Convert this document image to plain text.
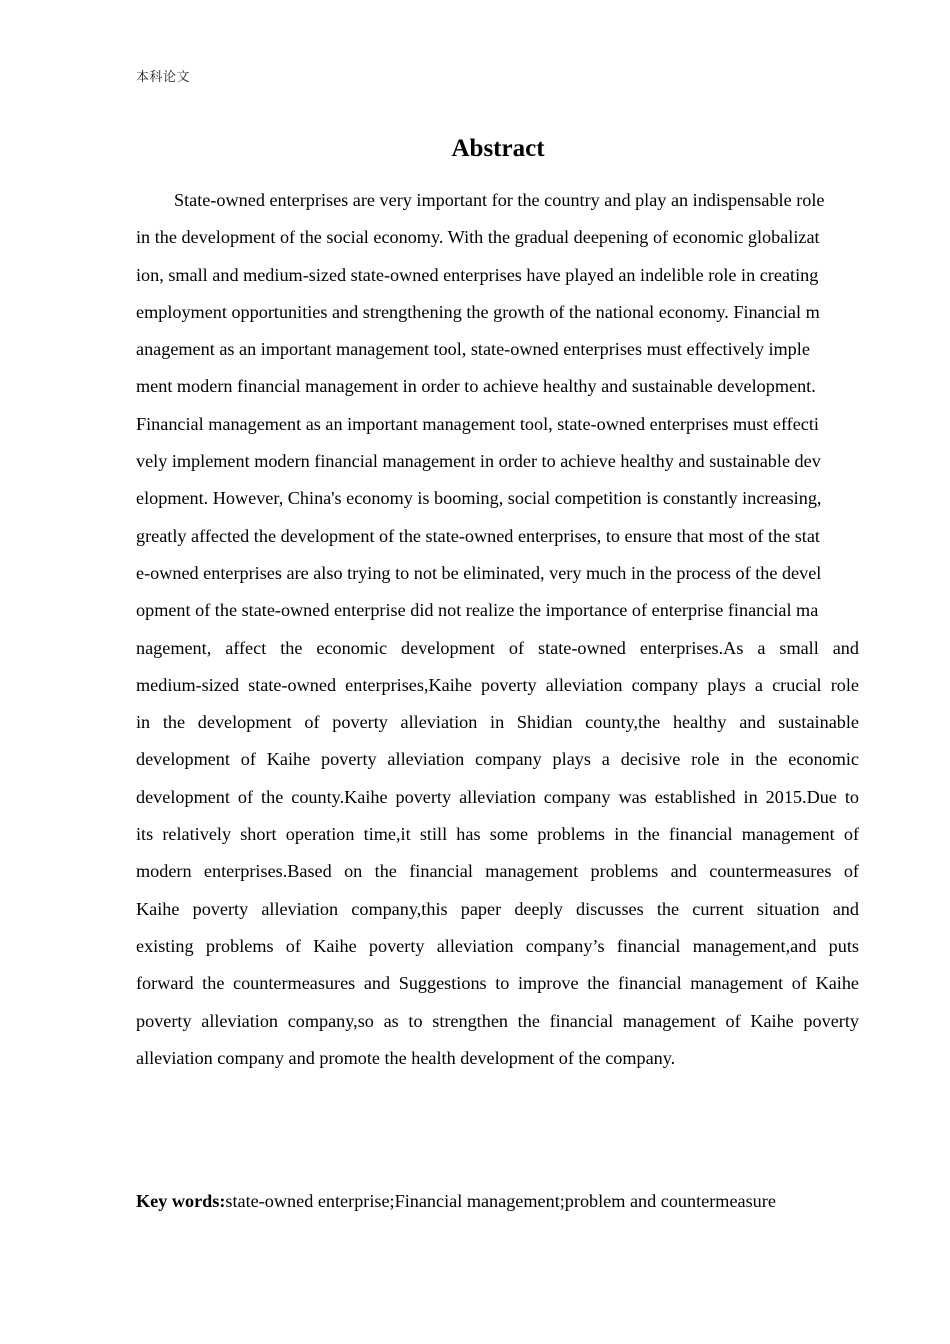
本科论文
Abstract
State-owned enterprises are very important for the country and play an indispensable role
in the development of the social economy. With the gradual deepening of economic globalizat
ion, small and medium-sized state-owned enterprises have played an indelible role in creating
employment opportunities and strengthening the growth of the national economy. Financial m
anagement as an important management tool, state-owned enterprises must effectively imple
ment modern financial management in order to achieve healthy and sustainable development.
Financial management as an important management tool, state-owned enterprises must effecti
vely implement modern financial management in order to achieve healthy and sustainable dev
elopment. However, China's economy is booming, social competition is constantly increasing,
greatly affected the development of the state-owned enterprises, to ensure that most of the stat
e-owned enterprises are also trying to not be eliminated, very much in the process of the devel
opment of the state-owned enterprise did not realize the importance of enterprise financial ma
nagement, affect the economic development of state-owned enterprises.As a small and
medium-sized state-owned enterprises,Kaihe poverty alleviation company plays a crucial role
in the development of poverty alleviation in Shidian county,the healthy and sustainable
development of Kaihe poverty alleviation company plays a decisive role in the economic
development of the county.Kaihe poverty alleviation company was established in 2015.Due to
its relatively short operation time,it still has some problems in the financial management of
modern enterprises.Based on the financial management problems and countermeasures of
Kaihe poverty alleviation company,this paper deeply discusses the current situation and
existing problems of Kaihe poverty alleviation company’s financial management,and puts
forward the countermeasures and Suggestions to improve the financial management of Kaihe
poverty alleviation company,so as to strengthen the financial management of Kaihe poverty
alleviation company and promote the health development of the company.
Key words:state-owned enterprise;Financial management;problem and countermeasure
